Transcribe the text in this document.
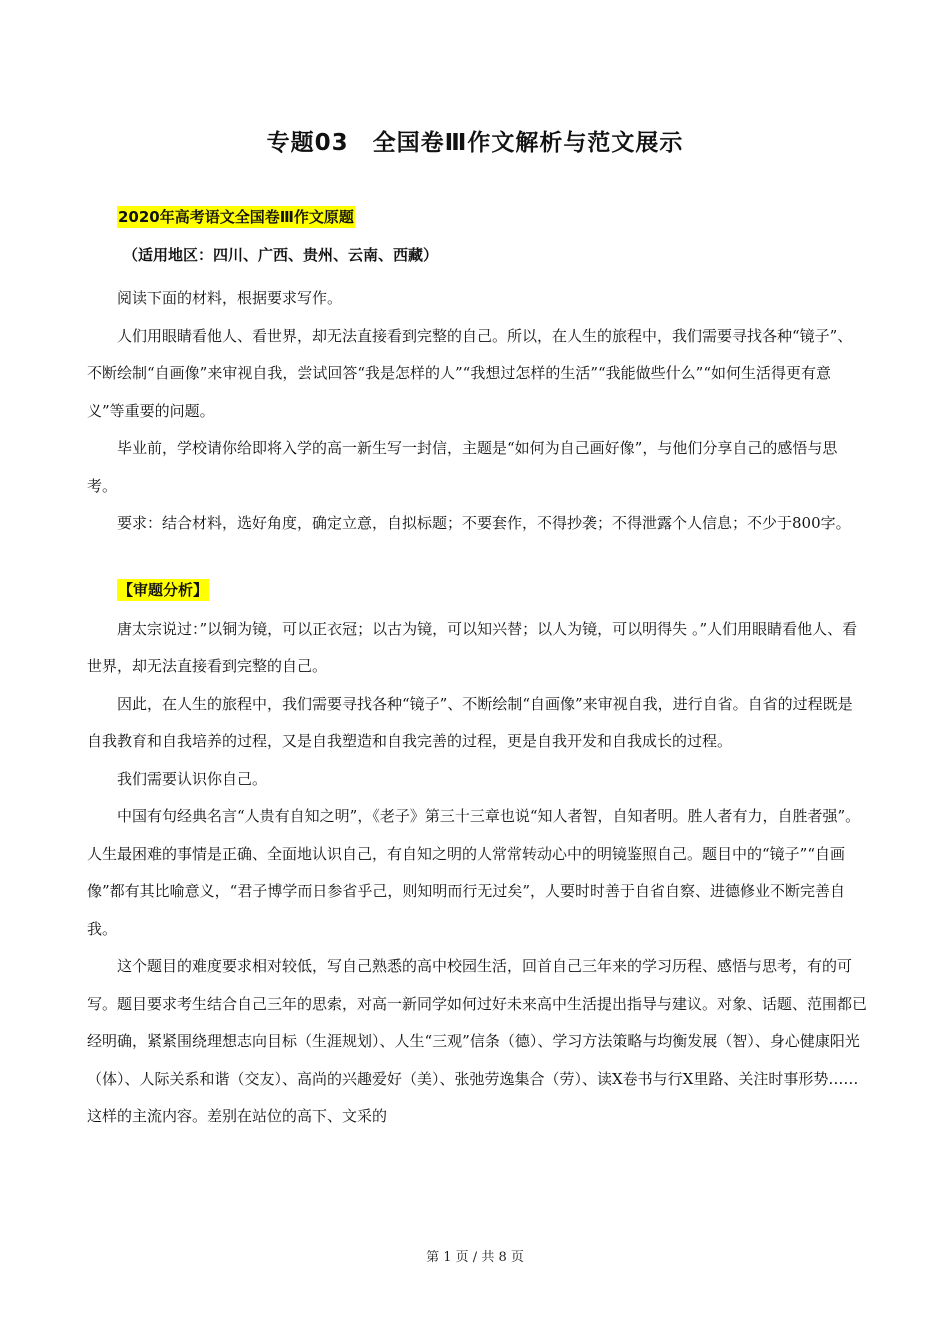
专题03　全国卷Ⅲ作文解析与范文展示
2020年高考语文全国卷Ⅲ作文原题
（适用地区：四川、广西、贵州、云南、西藏）

阅读下面的材料，根据要求写作。

人们用眼睛看他人、看世界，却无法直接看到完整的自己。所以，在人生的旅程中，我们需要寻找各种“镜子”、不断绘制“自画像”来审视自我，尝试回答“我是怎样的人”“我想过怎样的生活”“我能做些什么”“如何生活得更有意义”等重要的问题。

毕业前，学校请你给即将入学的高一新生写一封信，主题是“如何为自己画好像”，与他们分享自己的感悟与思考。

要求：结合材料，选好角度，确定立意，自拟标题；不要套作，不得抄袭；不得泄露个人信息；不少于800字。

【审题分析】

唐太宗说过：”以铜为镜，可以正衣冠；以古为镜，可以知兴替；以人为镜，可以明得失 。”人们用眼睛看他人、看世界，却无法直接看到完整的自己。

因此，在人生的旅程中，我们需要寻找各种“镜子”、不断绘制“自画像”来审视自我，进行自省。自省的过程既是自我教育和自我培养的过程，又是自我塑造和自我完善的过程，更是自我开发和自我成长的过程。

我们需要认识你自己。

中国有句经典名言“人贵有自知之明”，《老子》第三十三章也说“知人者智，自知者明。胜人者有力，自胜者强”。人生最困难的事情是正确、全面地认识自己，有自知之明的人常常转动心中的明镜鉴照自己。题目中的“镜子”“自画像”都有其比喻意义，“君子博学而日参省乎己，则知明而行无过矣”，人要时时善于自省自察、进德修业不断完善自我。

这个题目的难度要求相对较低，写自己熟悉的高中校园生活，回首自己三年来的学习历程、感悟与思考，有的可写。题目要求考生结合自己三年的思索，对高一新同学如何过好未来高中生活提出指导与建议。对象、话题、范围都已经明确，紧紧围绕理想志向目标（生涯规划）、人生“三观”信条（德）、学习方法策略与均衡发展（智）、身心健康阳光（体）、人际关系和谐（交友）、高尚的兴趣爱好（美）、张弛劳逸集合（劳）、读X卷书与行X里路、关注时事形势……这样的主流内容。差别在站位的高下、文采的

第 1 页 / 共 8 页
